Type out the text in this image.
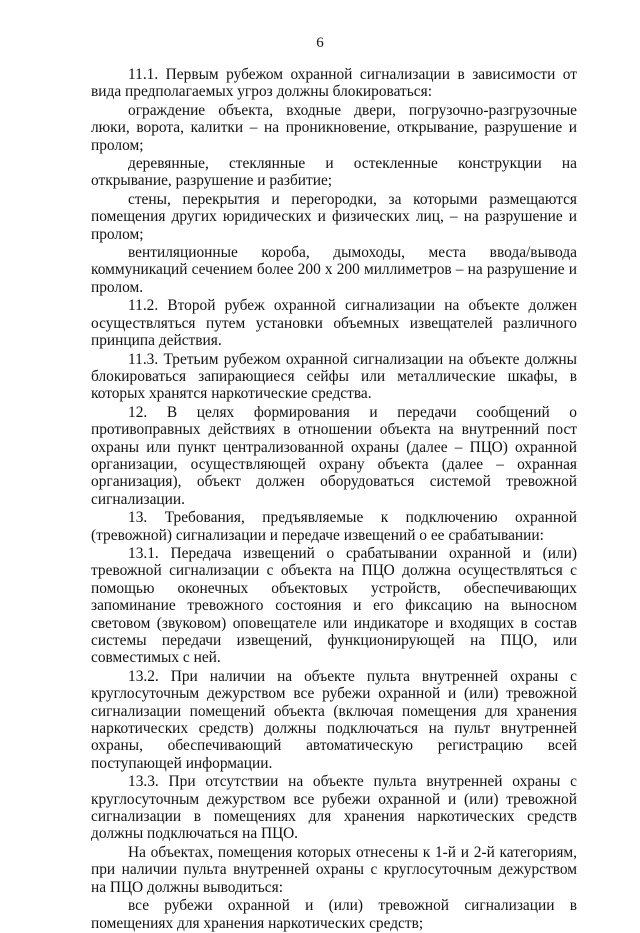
6

11.1. Первым рубежом охранной сигнализации в зависимости от вида предполагаемых угроз должны блокироваться:

ограждение объекта, входные двери, погрузочно-разгрузочные люки, ворота, калитки – на проникновение, открывание, разрушение и пролом;

деревянные, стеклянные и остекленные конструкции на открывание, разрушение и разбитие;

стены, перекрытия и перегородки, за которыми размещаются помещения других юридических и физических лиц, – на разрушение и пролом;

вентиляционные короба, дымоходы, места ввода/вывода коммуникаций сечением более 200 х 200 миллиметров – на разрушение и пролом.

11.2. Второй рубеж охранной сигнализации на объекте должен осуществляться путем установки объемных извещателей различного принципа действия.

11.3. Третьим рубежом охранной сигнализации на объекте должны блокироваться запирающиеся сейфы или металлические шкафы, в которых хранятся наркотические средства.

12. В целях формирования и передачи сообщений о противоправных действиях в отношении объекта на внутренний пост охраны или пункт централизованной охраны (далее – ПЦО) охранной организации, осуществляющей охрану объекта (далее – охранная организация), объект должен оборудоваться системой тревожной сигнализации.

13. Требования, предъявляемые к подключению охранной (тревожной) сигнализации и передаче извещений о ее срабатывании:

13.1. Передача извещений о срабатывании охранной и (или) тревожной сигнализации с объекта на ПЦО должна осуществляться с помощью оконечных объектовых устройств, обеспечивающих запоминание тревожного состояния и его фиксацию на выносном световом (звуковом) оповещателе или индикаторе и входящих в состав системы передачи извещений, функционирующей на ПЦО, или совместимых с ней.

13.2. При наличии на объекте пульта внутренней охраны с круглосуточным дежурством все рубежи охранной и (или) тревожной сигнализации помещений объекта (включая помещения для хранения наркотических средств) должны подключаться на пульт внутренней охраны, обеспечивающий автоматическую регистрацию всей поступающей информации.

13.3. При отсутствии на объекте пульта внутренней охраны с круглосуточным дежурством все рубежи охранной и (или) тревожной сигнализации в помещениях для хранения наркотических средств должны подключаться на ПЦО.

На объектах, помещения которых отнесены к 1-й и 2-й категориям, при наличии пульта внутренней охраны с круглосуточным дежурством на ПЦО должны выводиться:

все рубежи охранной и (или) тревожной сигнализации в помещениях для хранения наркотических средств;
